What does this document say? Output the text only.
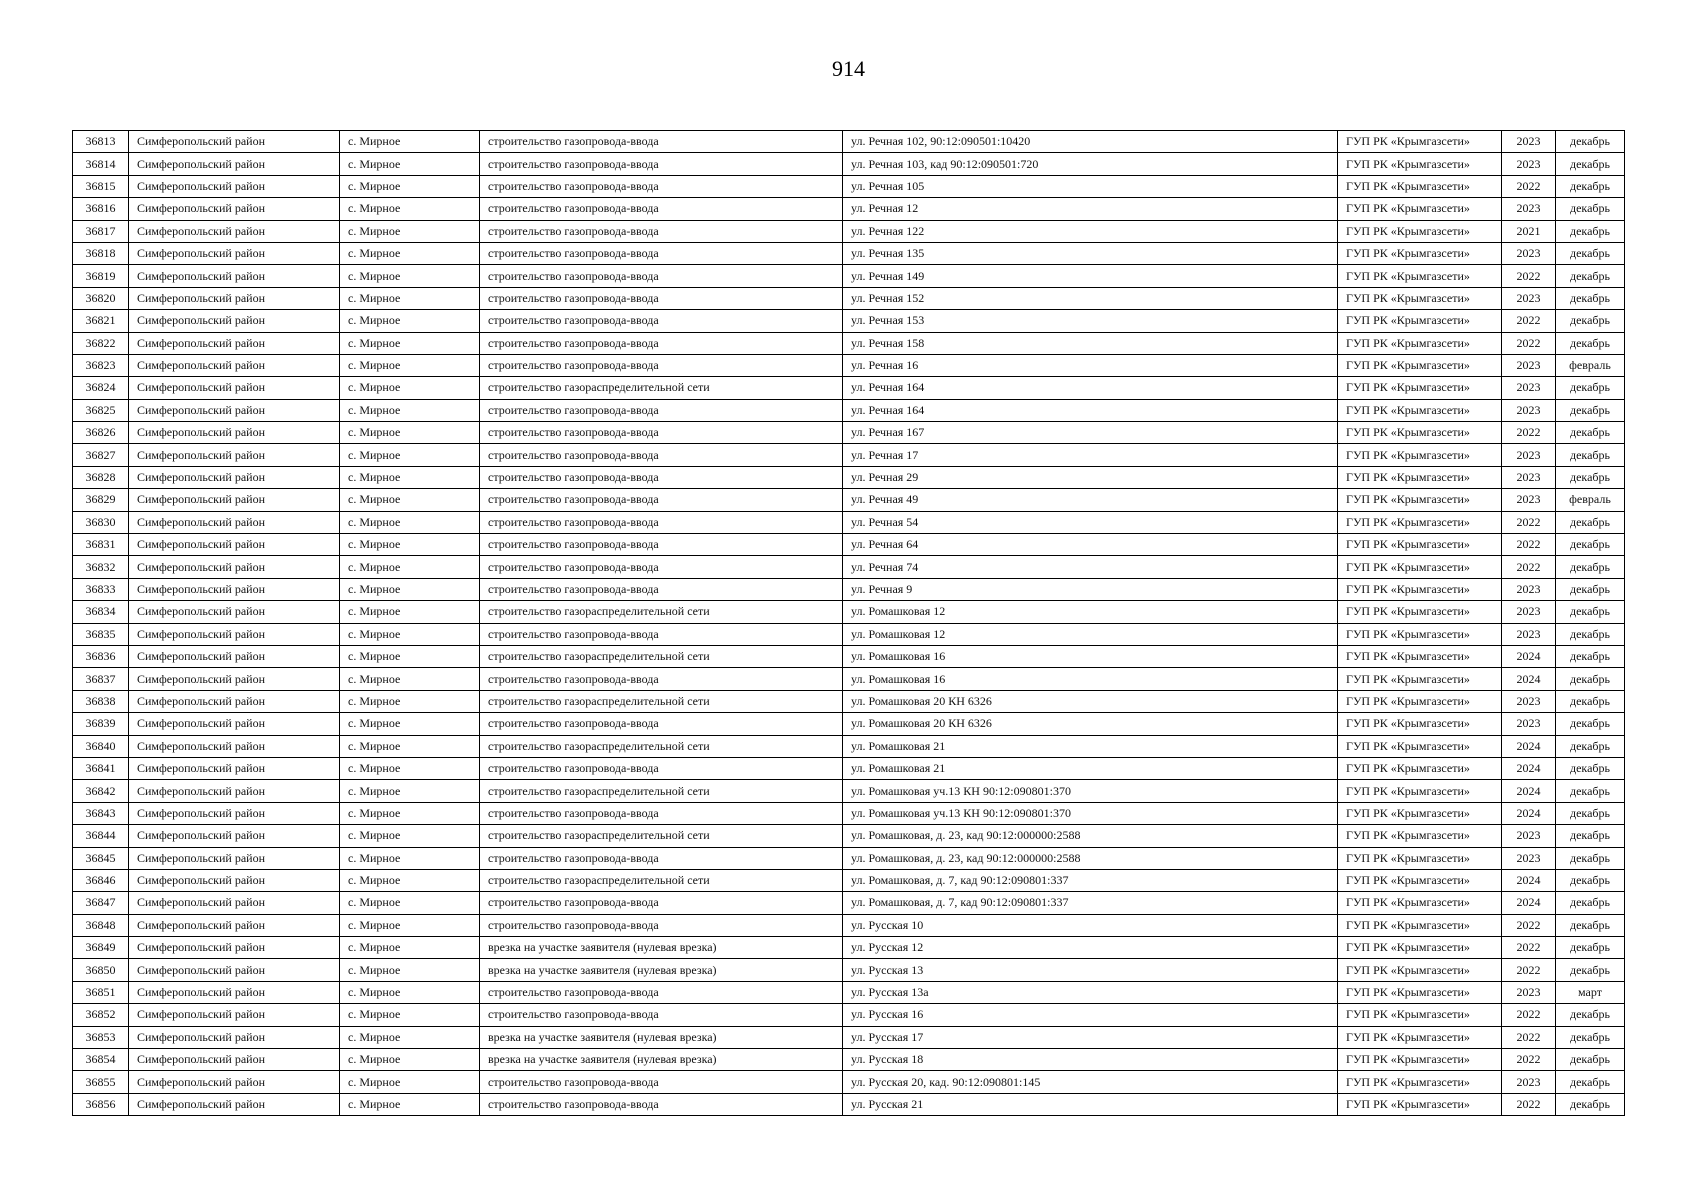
914
36813	Симферопольский район	с. Мирное	строительство газопровода-ввода	ул. Речная 102, 90:12:090501:10420	ГУП РК «Крымгазсети»	2023	декабрь
36814	Симферопольский район	с. Мирное	строительство газопровода-ввода	ул. Речная 103, кад 90:12:090501:720	ГУП РК «Крымгазсети»	2023	декабрь
36815	Симферопольский район	с. Мирное	строительство газопровода-ввода	ул. Речная 105	ГУП РК «Крымгазсети»	2022	декабрь
36816	Симферопольский район	с. Мирное	строительство газопровода-ввода	ул. Речная 12	ГУП РК «Крымгазсети»	2023	декабрь
36817	Симферопольский район	с. Мирное	строительство газопровода-ввода	ул. Речная 122	ГУП РК «Крымгазсети»	2021	декабрь
36818	Симферопольский район	с. Мирное	строительство газопровода-ввода	ул. Речная 135	ГУП РК «Крымгазсети»	2023	декабрь
36819	Симферопольский район	с. Мирное	строительство газопровода-ввода	ул. Речная 149	ГУП РК «Крымгазсети»	2022	декабрь
36820	Симферопольский район	с. Мирное	строительство газопровода-ввода	ул. Речная 152	ГУП РК «Крымгазсети»	2023	декабрь
36821	Симферопольский район	с. Мирное	строительство газопровода-ввода	ул. Речная 153	ГУП РК «Крымгазсети»	2022	декабрь
36822	Симферопольский район	с. Мирное	строительство газопровода-ввода	ул. Речная 158	ГУП РК «Крымгазсети»	2022	декабрь
36823	Симферопольский район	с. Мирное	строительство газопровода-ввода	ул. Речная 16	ГУП РК «Крымгазсети»	2023	февраль
36824	Симферопольский район	с. Мирное	строительство газораспределительной сети	ул. Речная 164	ГУП РК «Крымгазсети»	2023	декабрь
36825	Симферопольский район	с. Мирное	строительство газопровода-ввода	ул. Речная 164	ГУП РК «Крымгазсети»	2023	декабрь
36826	Симферопольский район	с. Мирное	строительство газопровода-ввода	ул. Речная 167	ГУП РК «Крымгазсети»	2022	декабрь
36827	Симферопольский район	с. Мирное	строительство газопровода-ввода	ул. Речная 17	ГУП РК «Крымгазсети»	2023	декабрь
36828	Симферопольский район	с. Мирное	строительство газопровода-ввода	ул. Речная 29	ГУП РК «Крымгазсети»	2023	декабрь
36829	Симферопольский район	с. Мирное	строительство газопровода-ввода	ул. Речная 49	ГУП РК «Крымгазсети»	2023	февраль
36830	Симферопольский район	с. Мирное	строительство газопровода-ввода	ул. Речная 54	ГУП РК «Крымгазсети»	2022	декабрь
36831	Симферопольский район	с. Мирное	строительство газопровода-ввода	ул. Речная 64	ГУП РК «Крымгазсети»	2022	декабрь
36832	Симферопольский район	с. Мирное	строительство газопровода-ввода	ул. Речная 74	ГУП РК «Крымгазсети»	2022	декабрь
36833	Симферопольский район	с. Мирное	строительство газопровода-ввода	ул. Речная 9	ГУП РК «Крымгазсети»	2023	декабрь
36834	Симферопольский район	с. Мирное	строительство газораспределительной сети	ул. Ромашковая 12	ГУП РК «Крымгазсети»	2023	декабрь
36835	Симферопольский район	с. Мирное	строительство газопровода-ввода	ул. Ромашковая 12	ГУП РК «Крымгазсети»	2023	декабрь
36836	Симферопольский район	с. Мирное	строительство газораспределительной сети	ул. Ромашковая 16	ГУП РК «Крымгазсети»	2024	декабрь
36837	Симферопольский район	с. Мирное	строительство газопровода-ввода	ул. Ромашковая 16	ГУП РК «Крымгазсети»	2024	декабрь
36838	Симферопольский район	с. Мирное	строительство газораспределительной сети	ул. Ромашковая 20 КН 6326	ГУП РК «Крымгазсети»	2023	декабрь
36839	Симферопольский район	с. Мирное	строительство газопровода-ввода	ул. Ромашковая 20 КН 6326	ГУП РК «Крымгазсети»	2023	декабрь
36840	Симферопольский район	с. Мирное	строительство газораспределительной сети	ул. Ромашковая 21	ГУП РК «Крымгазсети»	2024	декабрь
36841	Симферопольский район	с. Мирное	строительство газопровода-ввода	ул. Ромашковая 21	ГУП РК «Крымгазсети»	2024	декабрь
36842	Симферопольский район	с. Мирное	строительство газораспределительной сети	ул. Ромашковая уч.13 КН 90:12:090801:370	ГУП РК «Крымгазсети»	2024	декабрь
36843	Симферопольский район	с. Мирное	строительство газопровода-ввода	ул. Ромашковая уч.13 КН 90:12:090801:370	ГУП РК «Крымгазсети»	2024	декабрь
36844	Симферопольский район	с. Мирное	строительство газораспределительной сети	ул. Ромашковая, д. 23, кад 90:12:000000:2588	ГУП РК «Крымгазсети»	2023	декабрь
36845	Симферопольский район	с. Мирное	строительство газопровода-ввода	ул. Ромашковая, д. 23, кад 90:12:000000:2588	ГУП РК «Крымгазсети»	2023	декабрь
36846	Симферопольский район	с. Мирное	строительство газораспределительной сети	ул. Ромашковая, д. 7, кад 90:12:090801:337	ГУП РК «Крымгазсети»	2024	декабрь
36847	Симферопольский район	с. Мирное	строительство газопровода-ввода	ул. Ромашковая, д. 7, кад 90:12:090801:337	ГУП РК «Крымгазсети»	2024	декабрь
36848	Симферопольский район	с. Мирное	строительство газопровода-ввода	ул. Русская 10	ГУП РК «Крымгазсети»	2022	декабрь
36849	Симферопольский район	с. Мирное	врезка на участке заявителя (нулевая врезка)	ул. Русская 12	ГУП РК «Крымгазсети»	2022	декабрь
36850	Симферопольский район	с. Мирное	врезка на участке заявителя (нулевая врезка)	ул. Русская 13	ГУП РК «Крымгазсети»	2022	декабрь
36851	Симферопольский район	с. Мирное	строительство газопровода-ввода	ул. Русская 13а	ГУП РК «Крымгазсети»	2023	март
36852	Симферопольский район	с. Мирное	строительство газопровода-ввода	ул. Русская 16	ГУП РК «Крымгазсети»	2022	декабрь
36853	Симферопольский район	с. Мирное	врезка на участке заявителя (нулевая врезка)	ул. Русская 17	ГУП РК «Крымгазсети»	2022	декабрь
36854	Симферопольский район	с. Мирное	врезка на участке заявителя (нулевая врезка)	ул. Русская 18	ГУП РК «Крымгазсети»	2022	декабрь
36855	Симферопольский район	с. Мирное	строительство газопровода-ввода	ул. Русская 20, кад. 90:12:090801:145	ГУП РК «Крымгазсети»	2023	декабрь
36856	Симферопольский район	с. Мирное	строительство газопровода-ввода	ул. Русская 21	ГУП РК «Крымгазсети»	2022	декабрь
